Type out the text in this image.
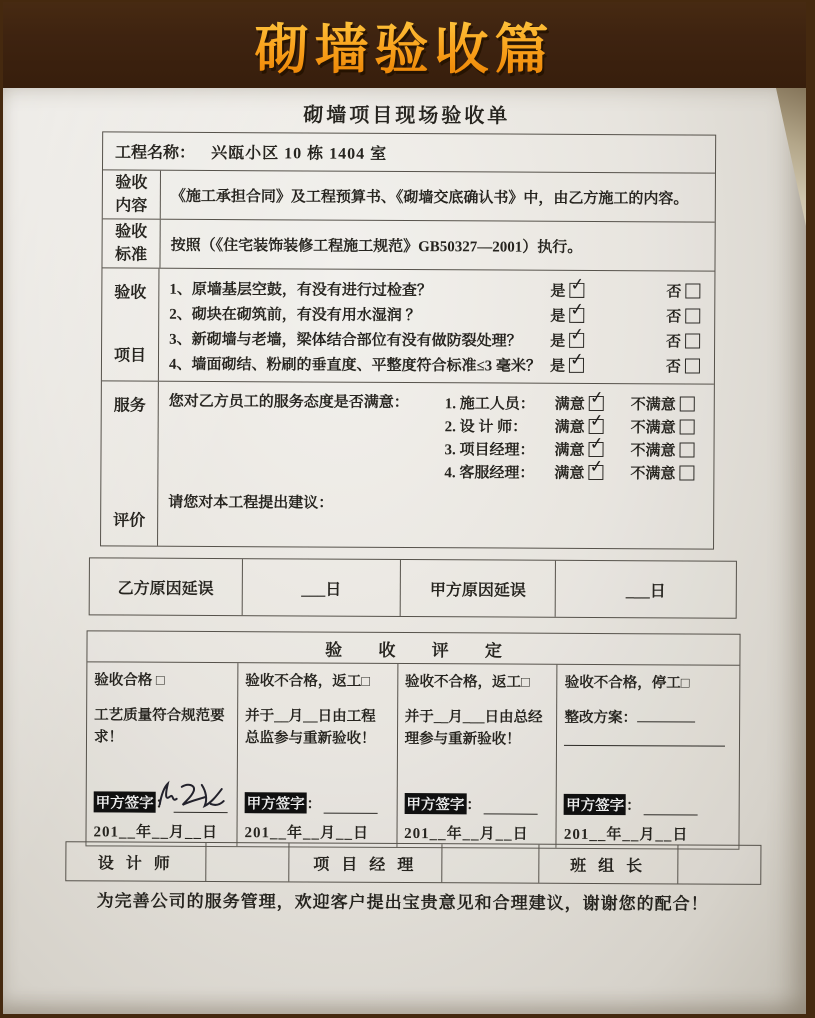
砌墙验收篇
砌墙项目现场验收单
工程名称： 兴瓯小区 10 栋 1404 室
验收
内容 《施工承担合同》及工程预算书、《砌墙交底确认书》中，由乙方施工的内容。
验收
标准 按照（《住宅装饰装修工程施工规范》GB50327—2001）执行。
验收
项目
1、原墙基层空鼓，有没有进行过检查？	是 ✓	否
2、砌块在砌筑前，有没有用水湿润 ？	是 ✓	否
3、新砌墙与老墙，梁体结合部位有没有做防裂处理？	是 ✓	否
4、墙面砌结、粉刷的垂直度、平整度符合标准≤3 毫米？ 是 ✓	否
服务
评价
您对乙方员工的服务态度是否满意：	1. 施工人员：	满意 ✓ 不满意
2. 设 计 师：	满意 ✓ 不满意
3. 项目经理：	满意 ✓ 不满意
4. 客服经理：	满意 ✓ 不满意
请您对本工程提出建议：
乙方原因延误	___日	甲方原因延误	___日
验 收 评 定
验收合格 □
工艺质量符合规范要求！
甲方签字 ：
201__年__月__日
验收不合格，返工□
并于__月__日由工程总监参与重新验收！
甲方签字 ：
201__年__月__日
验收不合格，返工□
并于__月___日由总经理参与重新验收！
甲方签字 ：
201__年__月__日
验收不合格，停工□
整改方案：
甲方签字 ：
201__年__月__日
设 计 师	项 目 经 理	班 组 长
为完善公司的服务管理，欢迎客户提出宝贵意见和合理建议，谢谢您的配合！
